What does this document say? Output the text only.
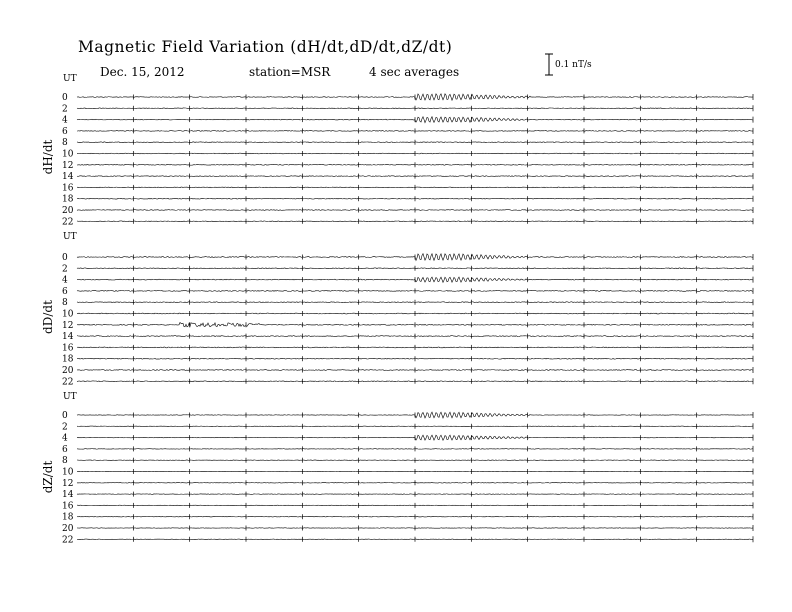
Magnetic Field Variation (dH/dt,dD/dt,dZ/dt)
Dec. 15, 2012	station=MSR	4 sec averages	0.1 nT/s
UT
dH/dt
0
2
4
6
8
10
12
14
16
18
20
22
UT
dD/dt
0
2
4
6
8
10
12
14
16
18
20
22
UT
dZ/dt
0
2
4
6
8
10
12
14
16
18
20
22
